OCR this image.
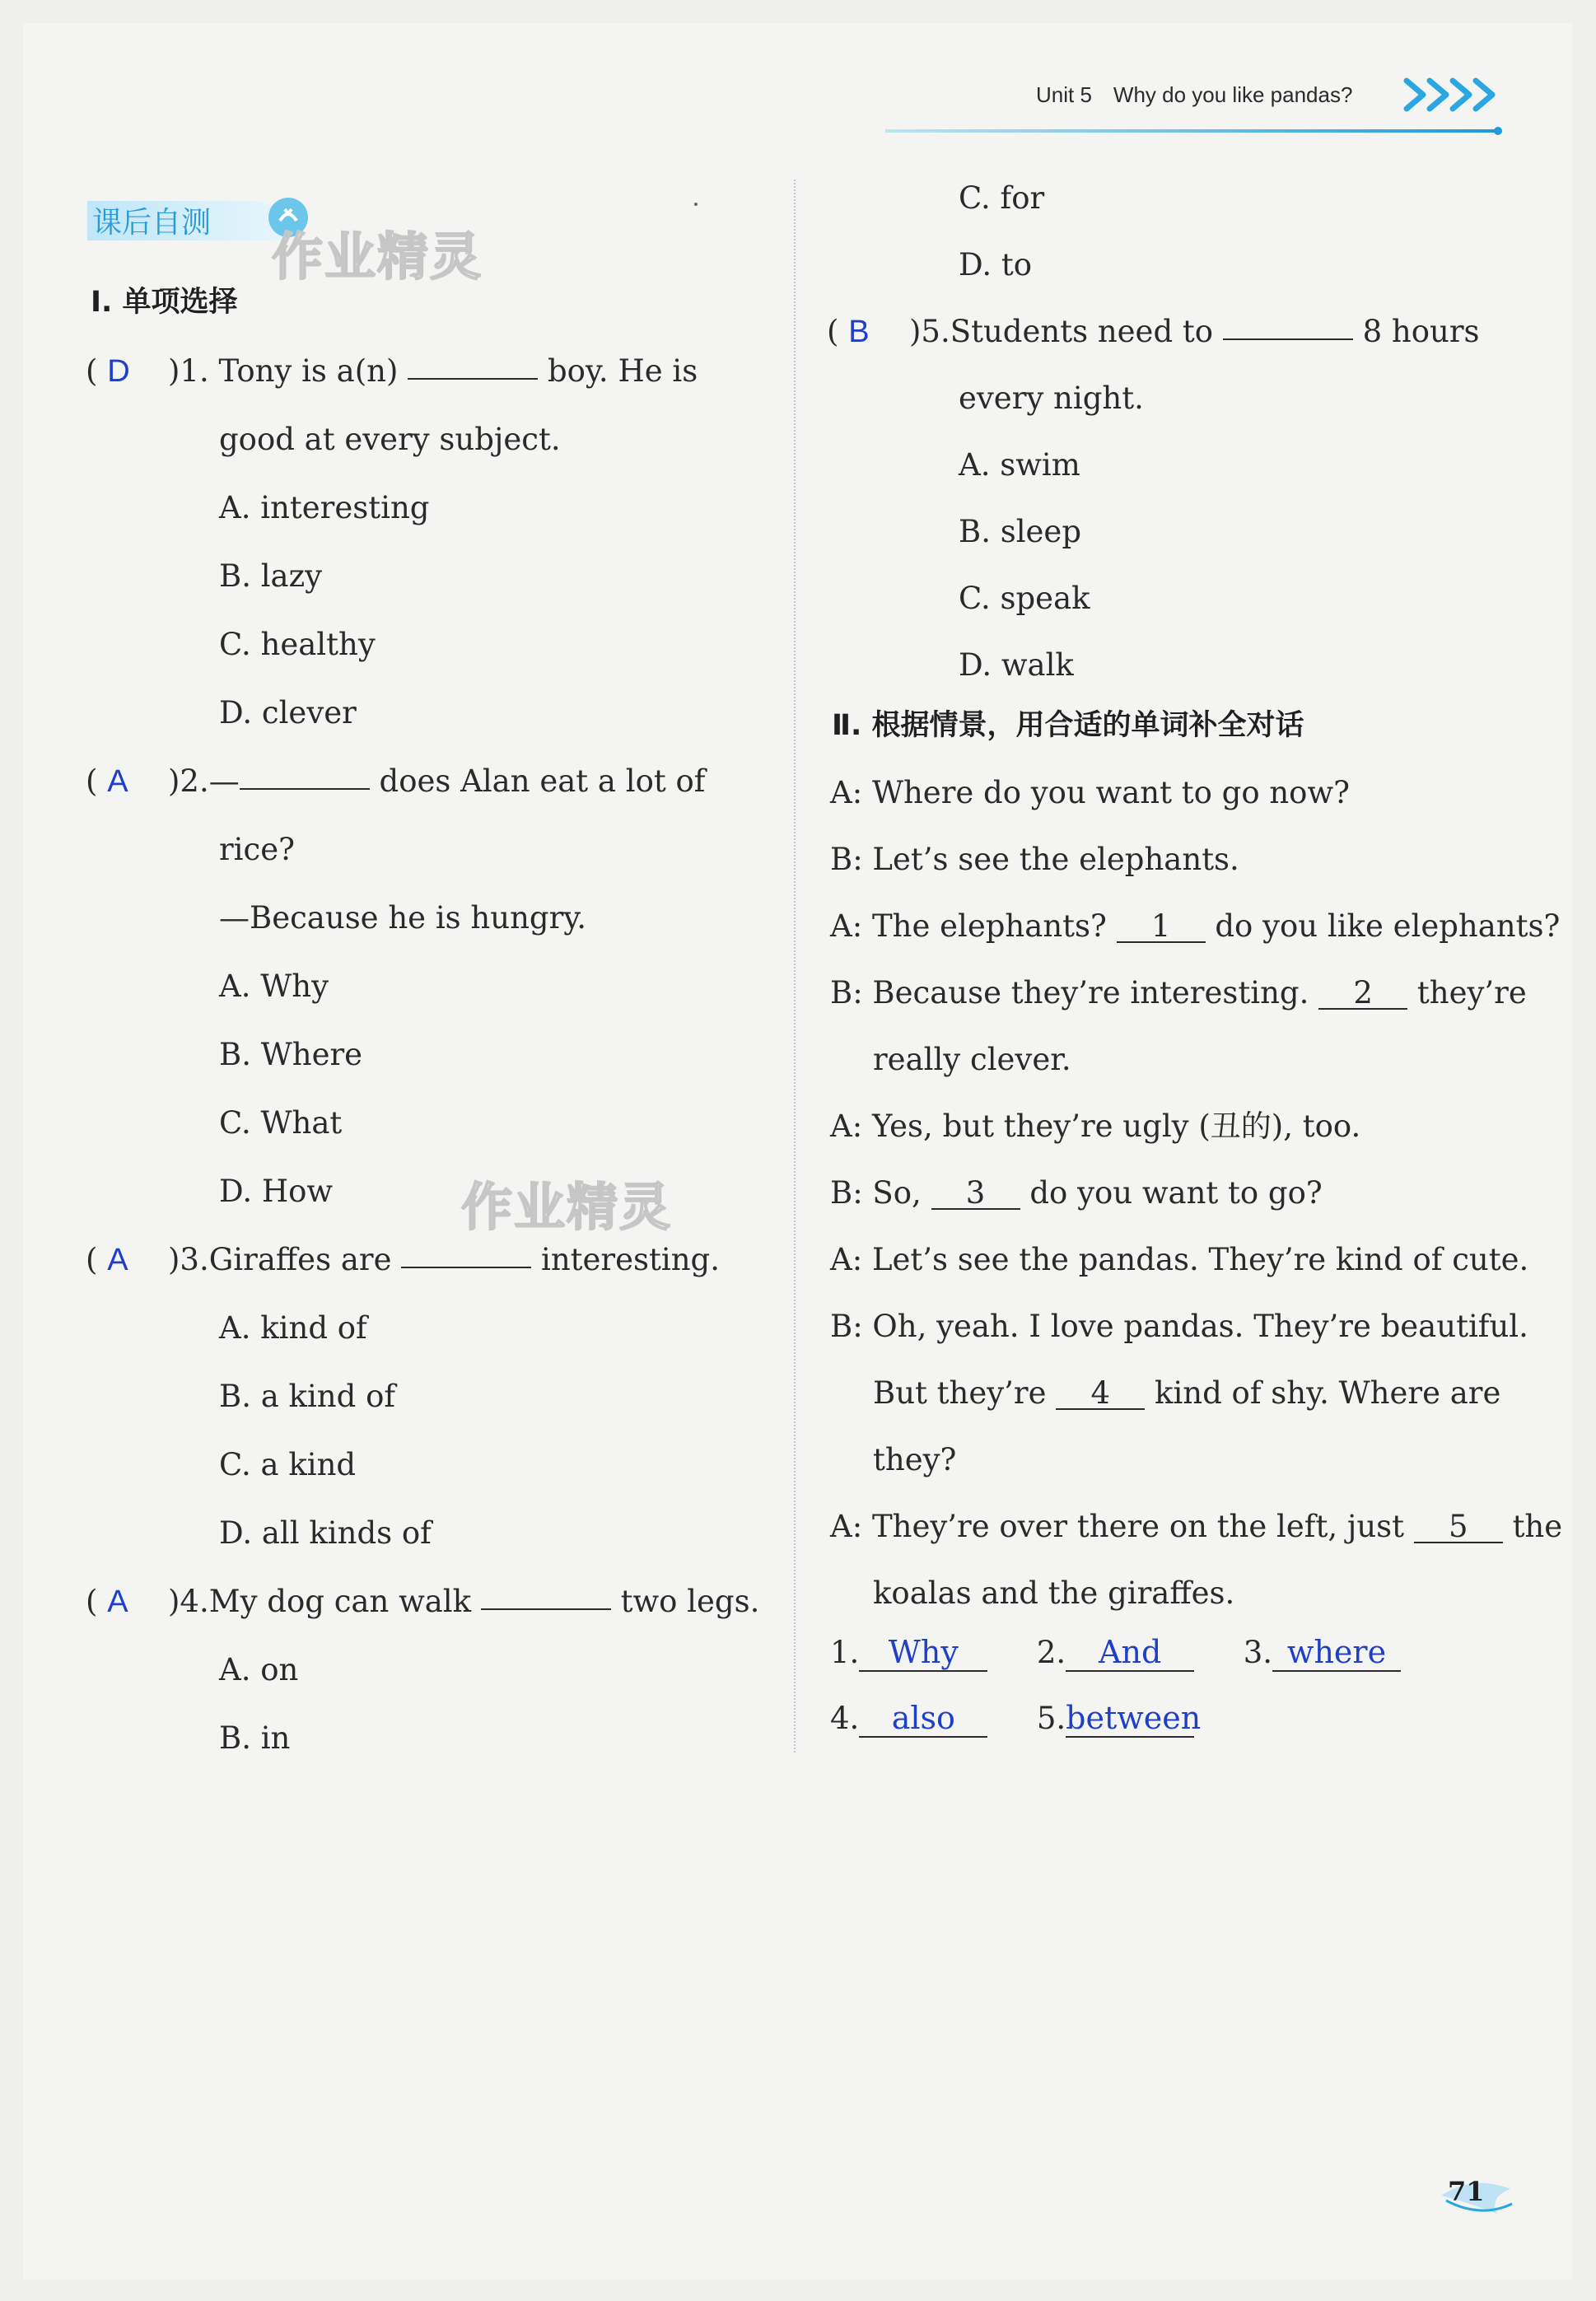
Unit 5 Why do you like pandas?
课后自测
作业精灵
作业精灵
Ⅰ. 单项选择
( D )1. Tony is a(n)	boy. He is
good at every subject.
A. interesting
B. lazy
C. healthy
D. clever
( A )2.—	does Alan eat a lot of
rice?
—Because he is hungry.
A. Why
B. Where
C. What
D. How
( A )3.Giraffes are	interesting.
A. kind of
B. a kind of
C. a kind
D. all kinds of
( A )4.My dog can walk	two legs.
A. on
B. in
C. for
D. to
( B )5.Students need to	8 hours
every night.
A. swim
B. sleep
C. speak
D. walk
Ⅱ. 根据情景，用合适的单词补全对话
A: Where do you want to go now?
B: Let’s see the elephants.
A: The elephants? 1 do you like elephants?
B: Because they’re interesting. 2 they’re
really clever.
A: Yes, but they’re ugly (丑的), too.
B: So, 3 do you want to go?
A: Let’s see the pandas. They’re kind of cute.
B: Oh, yeah. I love pandas. They’re beautiful.
But they’re 4 kind of shy. Where are
they?
A: They’re over there on the left, just 5 the
koalas and the giraffes.
1. Why	2. And	3. where
4. also	5.between
71
